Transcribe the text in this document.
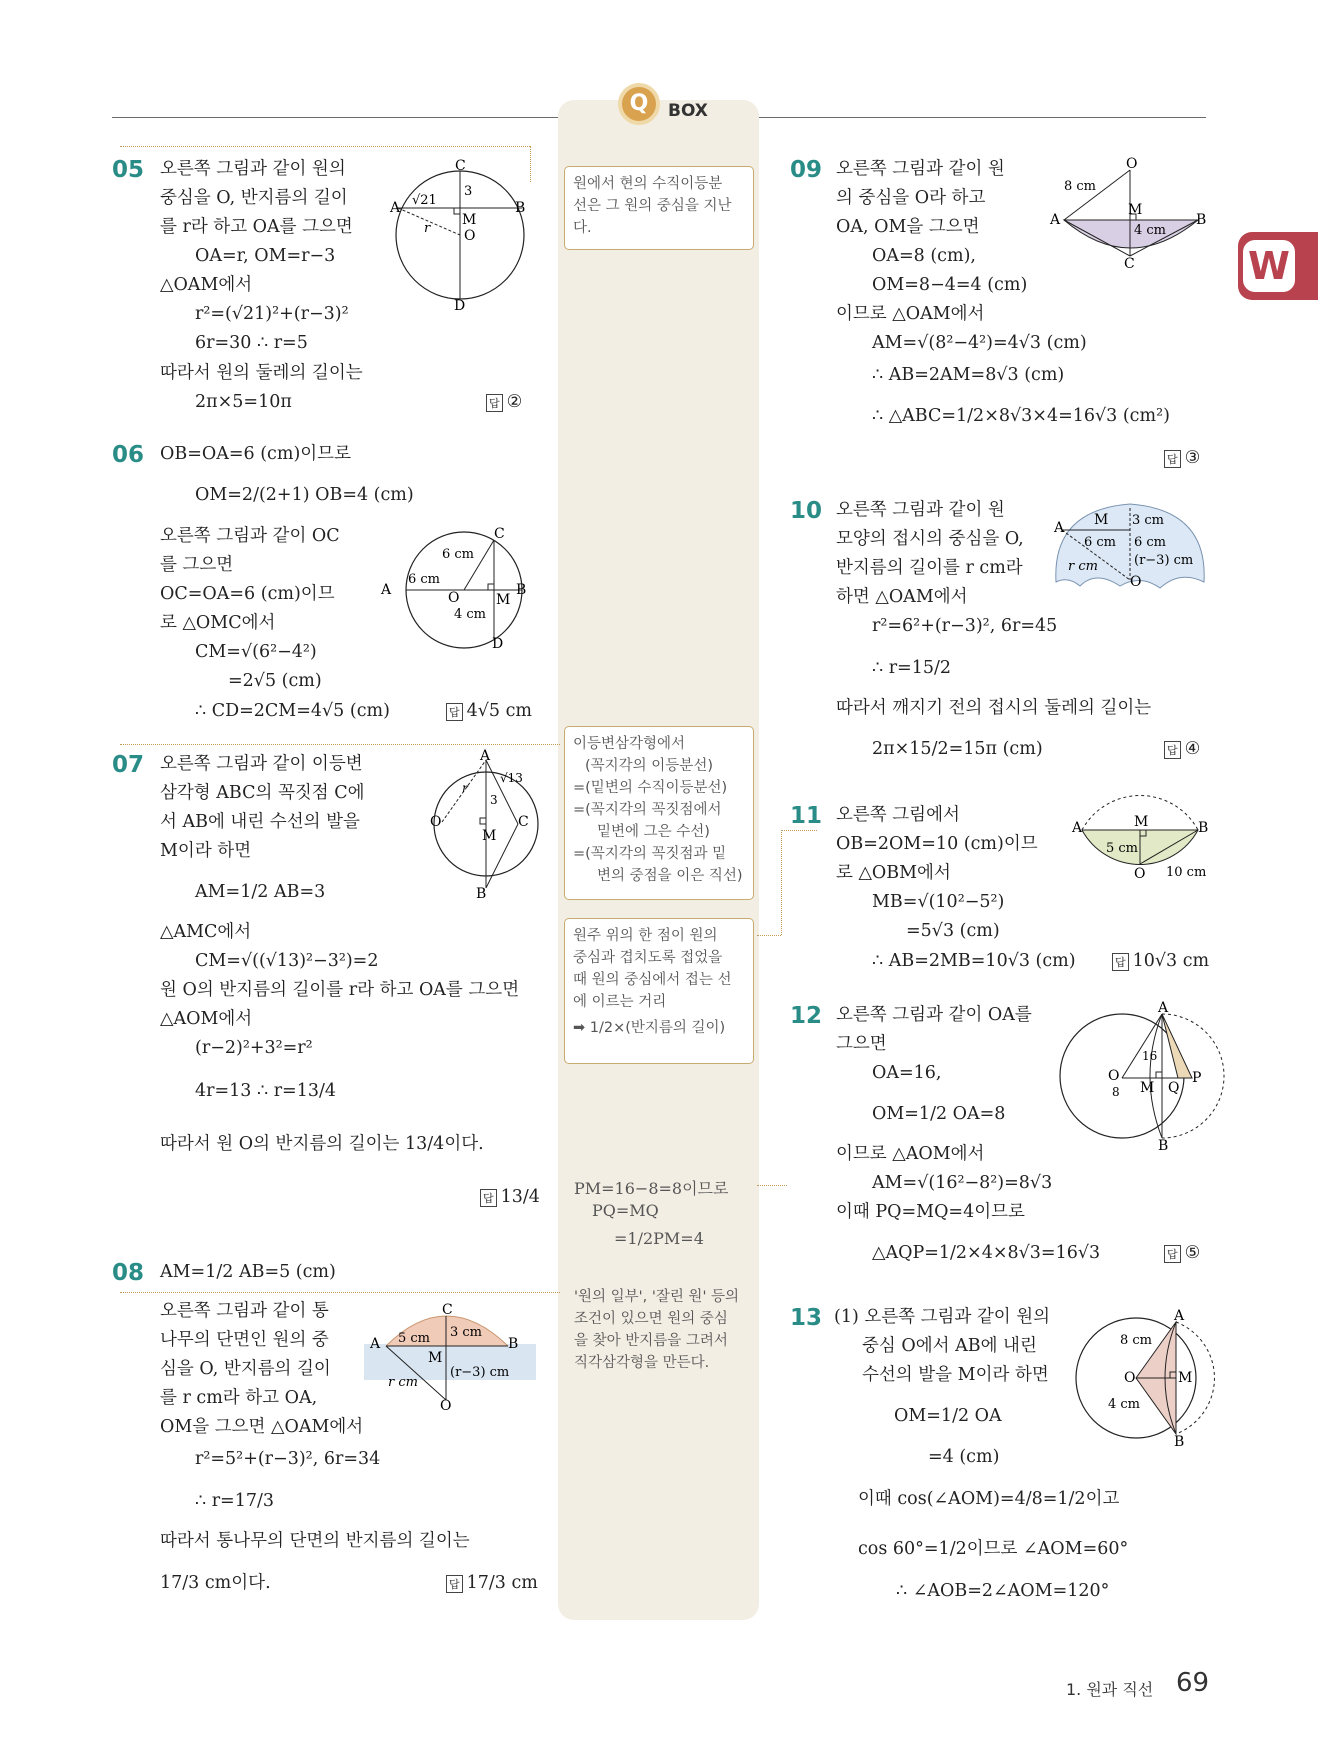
Q	BOX
W
원에서 현의 수직이등분
선은 그 원의 중심을 지난
다.
이등변삼각형에서
(꼭지각의 이등분선)
=(밑변의 수직이등분선)
=(꼭지각의 꼭짓점에서
밑변에 그은 수선)
=(꼭지각의 꼭짓점과 밑
변의 중점을 이은 직선)
원주 위의 한 점이 원의
중심과 겹치도록 접었을
때 원의 중심에서 접는 선
에 이르는 거리
➡ 1/2×(반지름의 길이)
PM=16−8=8이므로
PQ=MQ
=1/2PM=4
'원의 일부', '잘린 원' 등의
조건이 있으면 원의 중심
을 찾아 반지름을 그려서
직각삼각형을 만든다.
05 오른쪽 그림과 같이 원의
중심을 O, 반지름의 길이
를 r라 하고 OA를 그으면
OA=r, OM=r−3
△OAM에서
r²=(√21)²+(r−3)²
6r=30 ∴ r=5
따라서 원의 둘레의 길이는
2π×5=10π	답 ②
C
A	B
M
O
D
√21
3
r
06 OB=OA=6 (cm)이므로
OM=2/(2+1) OB=4 (cm)
오른쪽 그림과 같이 OC
를 그으면
OC=OA=6 (cm)이므
로 △OMC에서
CM=√(6²−4²)
=2√5 (cm)
∴ CD=2CM=4√5 (cm)	답 4√5 cm
C
A	B
O	M
D
6 cm
6 cm
4 cm
07 오른쪽 그림과 같이 이등변
삼각형 ABC의 꼭짓점 C에
서 AB에 내린 수선의 발을
M이라 하면
AM=1/2 AB=3
△AMC에서
CM=√((√13)²−3²)=2
원 O의 반지름의 길이를 r라 하고 OA를 그으면
△AOM에서
(r−2)²+3²=r²
4r=13 ∴ r=13/4
따라서 원 O의 반지름의 길이는 13/4이다.
답 13/4
A
O	C
M
B
√13
r
3
08 AM=1/2 AB=5 (cm)
오른쪽 그림과 같이 통
나무의 단면인 원의 중
심을 O, 반지름의 길이
를 r cm라 하고 OA,
OM을 그으면 △OAM에서
r²=5²+(r−3)², 6r=34
∴ r=17/3
따라서 통나무의 단면의 반지름의 길이는
17/3 cm이다.	답 17/3 cm
C
A	B
M
O
5 cm 3 cm
r cm
(r−3) cm
09 오른쪽 그림과 같이 원
의 중심을 O라 하고
OA, OM을 그으면
OA=8 (cm),
OM=8−4=4 (cm)
이므로 △OAM에서
AM=√(8²−4²)=4√3 (cm)
∴ AB=2AM=8√3 (cm)
∴ △ABC=1/2×8√3×4=16√3 (cm²)
답 ③
O
A	B
M
C
8 cm
4 cm
10 오른쪽 그림과 같이 원
모양의 접시의 중심을 O,
반지름의 길이를 r cm라
하면 △OAM에서
r²=6²+(r−3)², 6r=45
∴ r=15/2
따라서 깨지기 전의 접시의 둘레의 길이는
2π×15/2=15π (cm)	답 ④
A M 3 cm
6 cm 6 cm
r cm	(r−3) cm
O
11 오른쪽 그림에서
OB=2OM=10 (cm)이므
로 △OBM에서
MB=√(10²−5²)
=5√3 (cm)
∴ AB=2MB=10√3 (cm)	답 10√3 cm
A	M	B
5 cm
O 10 cm
12 오른쪽 그림과 같이 OA를
그으면
OA=16,
OM=1/2 OA=8
이므로 △AOM에서
AM=√(16²−8²)=8√3
이때 PQ=MQ=4이므로
△AQP=1/2×4×8√3=16√3	답 ⑤
A
O
M Q
P
B
16
8
13 (1) 오른쪽 그림과 같이 원의
중심 O에서 AB에 내린
수선의 발을 M이라 하면
OM=1/2 OA
=4 (cm)
이때 cos(∠AOM)=4/8=1/2이고
cos 60°=1/2이므로 ∠AOM=60°
∴ ∠AOB=2∠AOM=120°
A
8 cm
O	M
4 cm
B
1. 원과 직선 69
